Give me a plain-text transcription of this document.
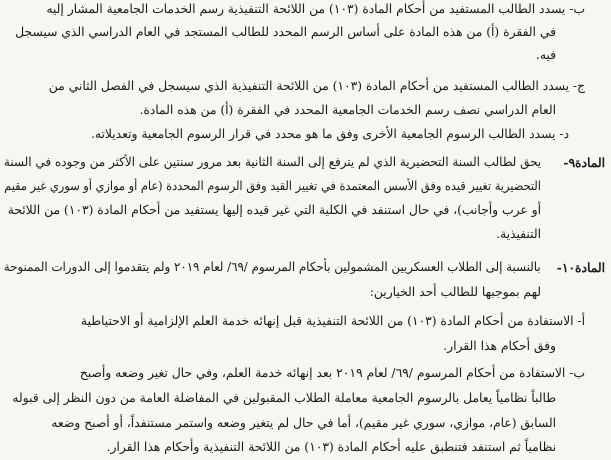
ب- يسدد الطالب المستفيد من أحكام المادة (١٠٣) من اللائحة التنفيذية رسم الخدمات الجامعية المشار إليه
في الفقرة (أ) من هذه المادة على أساس الرسم المحدد للطالب المستجد في العام الدراسي الذي سيسجل
فيه.
ج- يسدد الطالب المستفيد من أحكام المادة (١٠٣) من اللائحة التنفيذية الذي سيسجل في الفصل الثاني من
العام الدراسي نصف رسم الخدمات الجامعية المحدد في الفقرة (أ) من هذه المادة.
د- يسدد الطالب الرسوم الجامعية الأخرى وفق ما هو محدد في قرار الرسوم الجامعية وتعديلاته.
المادة٩-
يحق لطالب السنة التحضيرية الذي لم يترفع إلى السنة الثانية بعد مرور سنتين على الأكثر من وجوده في السنة
التحضيرية تغيير قيده وفق الأسس المعتمدة في تغيير القيد وفق الرسوم المحددة (عام أو موازي أو سوري غير مقيم
أو عرب وأجانب)، في حال استنفد في الكلية التي غير قيده إليها يستفيد من أحكام المادة (١٠٣) من اللائحة
التنفيذية.
المادة١٠-
بالنسبة إلى الطلاب العسكريين المشمولين بأحكام المرسوم /٦٩/ لعام ٢٠١٩ ولم يتقدموا إلى الدورات الممنوحة
لهم بموجبها للطالب أحد الخيارين:
أ- الاستفادة من أحكام المادة (١٠٣) من اللائحة التنفيذية قبل إنهائه خدمة العلم الإلزامية أو الاحتياطية
وفق أحكام هذا القرار.
ب- الاستفادة من أحكام المرسوم /٦٩/ لعام ٢٠١٩ بعد إنهائه خدمة العلم، وفي حال تغير وضعه وأصبح
طالباً نظامياً يعامل بالرسوم الجامعية معاملة الطلاب المقبولين في المفاضلة العامة من دون النظر إلى قبوله
السابق (عام، موازي، سوري غير مقيم)، أما في حال لم يتغير وضعه واستمر مستنفداً، أو أصبح وضعه
نظامياً ثم استنفد فتنطبق عليه أحكام المادة (١٠٣) من اللائحة التنفيذية وأحكام هذا القرار.
